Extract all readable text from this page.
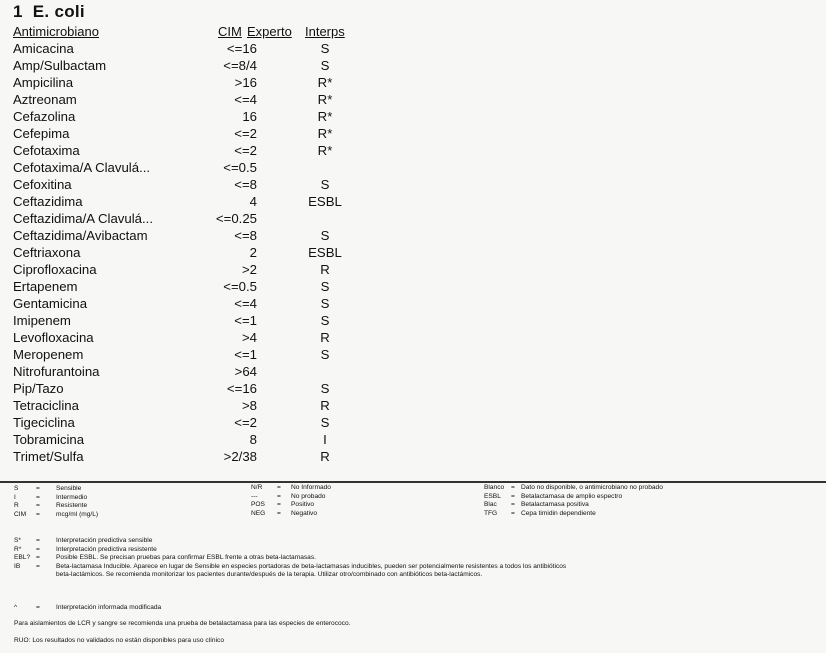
1 E. coli
Antimicrobiano	CIM Experto Interps
Amicacina	<=16	S
Amp/Sulbactam	<=8/4	S
Ampicilina	>16	R*
Aztreonam	<=4	R*
Cefazolina	16	R*
Cefepima	<=2	R*
Cefotaxima	<=2	R*
Cefotaxima/A Clavulá...	<=0.5
Cefoxitina	<=8	S
Ceftazidima	4	ESBL
Ceftazidima/A Clavulá...	<=0.25
Ceftazidima/Avibactam	<=8	S
Ceftriaxona	2	ESBL
Ciprofloxacina	>2	R
Ertapenem	<=0.5	S
Gentamicina	<=4	S
Imipenem	<=1	S
Levofloxacina	>4	R
Meropenem	<=1	S
Nitrofurantoina	>64
Pip/Tazo	<=16	S
Tetraciclina	>8	R
Tigeciclina	<=2	S
Tobramicina	8	I
Trimet/Sulfa	>2/38	R
S	= Sensible
I	= Intermedio
R	= Resistente
CIM = mcg/ml (mg/L)
N/R = No Informado
---	= No probado
POS = Positivo
NEG = Negativo
Blanco = Dato no disponible, o antimicrobiano no probado
ESBL = Betalactamasa de amplio espectro
Blac = Betalactamasa positiva
TFG = Cepa timidin dependiente
S* = Interpretación predictiva sensible
R* = Interpretación predictiva resistente
EBL? = Posible ESBL. Se precisan pruebas para confirmar ESBL frente a otras beta-lactamasas.
IB = Beta-lactamasa Inducible. Aparece en lugar de Sensible en especies portadoras de beta-lactamasas inducibles, pueden ser potencialmente resistentes a todos los antibióticos
beta-lactámicos. Se recomienda monitorizar los pacientes durante/después de la terapia. Utilizar otro/combinado con antibióticos beta-lactámicos.
^	= Interpretación informada modificada
Para aislamientos de LCR y sangre se recomienda una prueba de betalactamasa para las especies de enterococo.
RUO: Los resultados no validados no están disponibles para uso clínico
